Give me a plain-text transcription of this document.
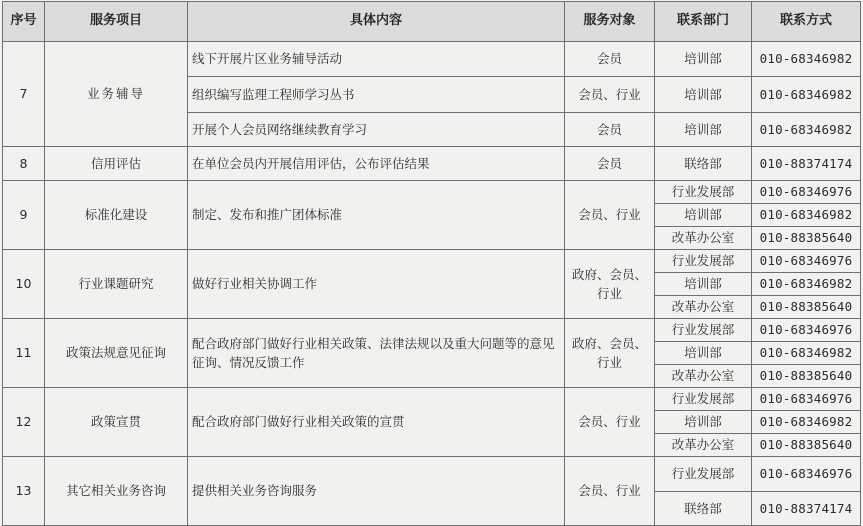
序号	服务项目	具体内容	服务对象	联系部门	联系方式
7	业务辅导	线下开展片区业务辅导活动	会员	培训部	010-68346982
		组织编写监理工程师学习丛书	会员、行业	培训部	010-68346982
		开展个人会员网络继续教育学习	会员	培训部	010-68346982
8	信用评估	在单位会员内开展信用评估，公布评估结果	会员	联络部	010-88374174
9	标准化建设	制定、发布和推广团体标准	会员、行业	行业发展部	010-68346976
				培训部	010-68346982
				改革办公室	010-88385640
10	行业课题研究	做好行业相关协调工作	政府、会员、行业	行业发展部	010-68346976
				培训部	010-68346982
				改革办公室	010-88385640
11	政策法规意见征询	配合政府部门做好行业相关政策、法律法规以及重大问题等的意见征询、情况反馈工作	政府、会员、行业	行业发展部	010-68346976
				培训部	010-68346982
				改革办公室	010-88385640
12	政策宣贯	配合政府部门做好行业相关政策的宣贯	会员、行业	行业发展部	010-68346976
				培训部	010-68346982
				改革办公室	010-88385640
13	其它相关业务咨询	提供相关业务咨询服务	会员、行业	行业发展部	010-68346976
				联络部	010-88374174
